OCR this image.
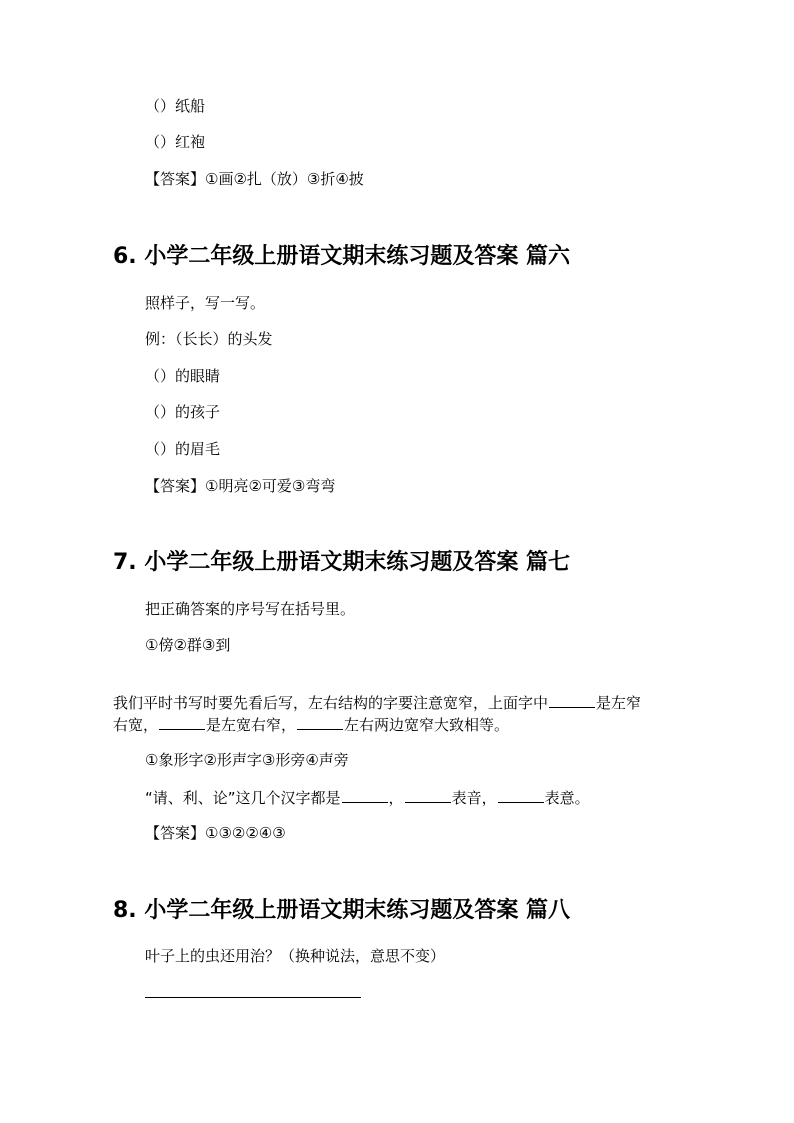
（）纸船
（）红袍
【答案】①画②扎（放）③折④披
6. 小学二年级上册语文期末练习题及答案 篇六
照样子，写一写。
例：（长长）的头发
（）的眼睛
（）的孩子
（）的眉毛
【答案】①明亮②可爱③弯弯
7. 小学二年级上册语文期末练习题及答案 篇七
把正确答案的序号写在括号里。
①傍②群③到
我们平时书写时要先看后写，左右结构的字要注意宽窄，上面字中	是左窄
右宽，	是左宽右窄，	左右两边宽窄大致相等。
①象形字②形声字③形旁④声旁
“请、利、论”这几个汉字都是	，	表音，	表意。
【答案】①③②②④③
8. 小学二年级上册语文期末练习题及答案 篇八
叶子上的虫还用治？（换种说法，意思不变）
